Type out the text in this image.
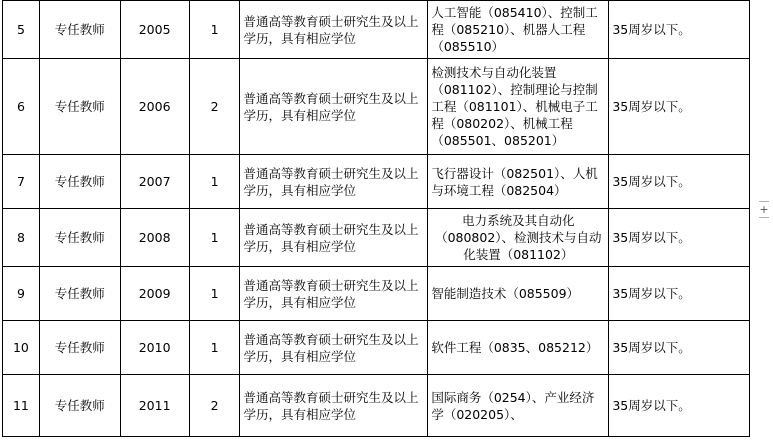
5	专任教师	2005	1	普通高等教育硕士研究生及以上学历，具有相应学位	人工智能（085410）、控制工程（085210）、机器人工程（085510）	35周岁以下。
6	专任教师	2006	2	普通高等教育硕士研究生及以上学历，具有相应学位	检测技术与自动化装置（081102）、控制理论与控制工程（081101）、机械电子工程（080202）、机械工程（085501、085201）	35周岁以下。
7	专任教师	2007	1	普通高等教育硕士研究生及以上学历，具有相应学位	飞行器设计（082501）、人机与环境工程（082504）	35周岁以下。
8	专任教师	2008	1	普通高等教育硕士研究生及以上学历，具有相应学位	电力系统及其自动化（080802）、检测技术与自动化装置（081102）	35周岁以下。
9	专任教师	2009	1	普通高等教育硕士研究生及以上学历，具有相应学位	智能制造技术（085509）	35周岁以下。
10	专任教师	2010	1	普通高等教育硕士研究生及以上学历，具有相应学位	软件工程（0835、085212）	35周岁以下。
11	专任教师	2011	2	普通高等教育硕士研究生及以上学历，具有相应学位	国际商务（0254）、产业经济学（020205）、	35周岁以下。
+
